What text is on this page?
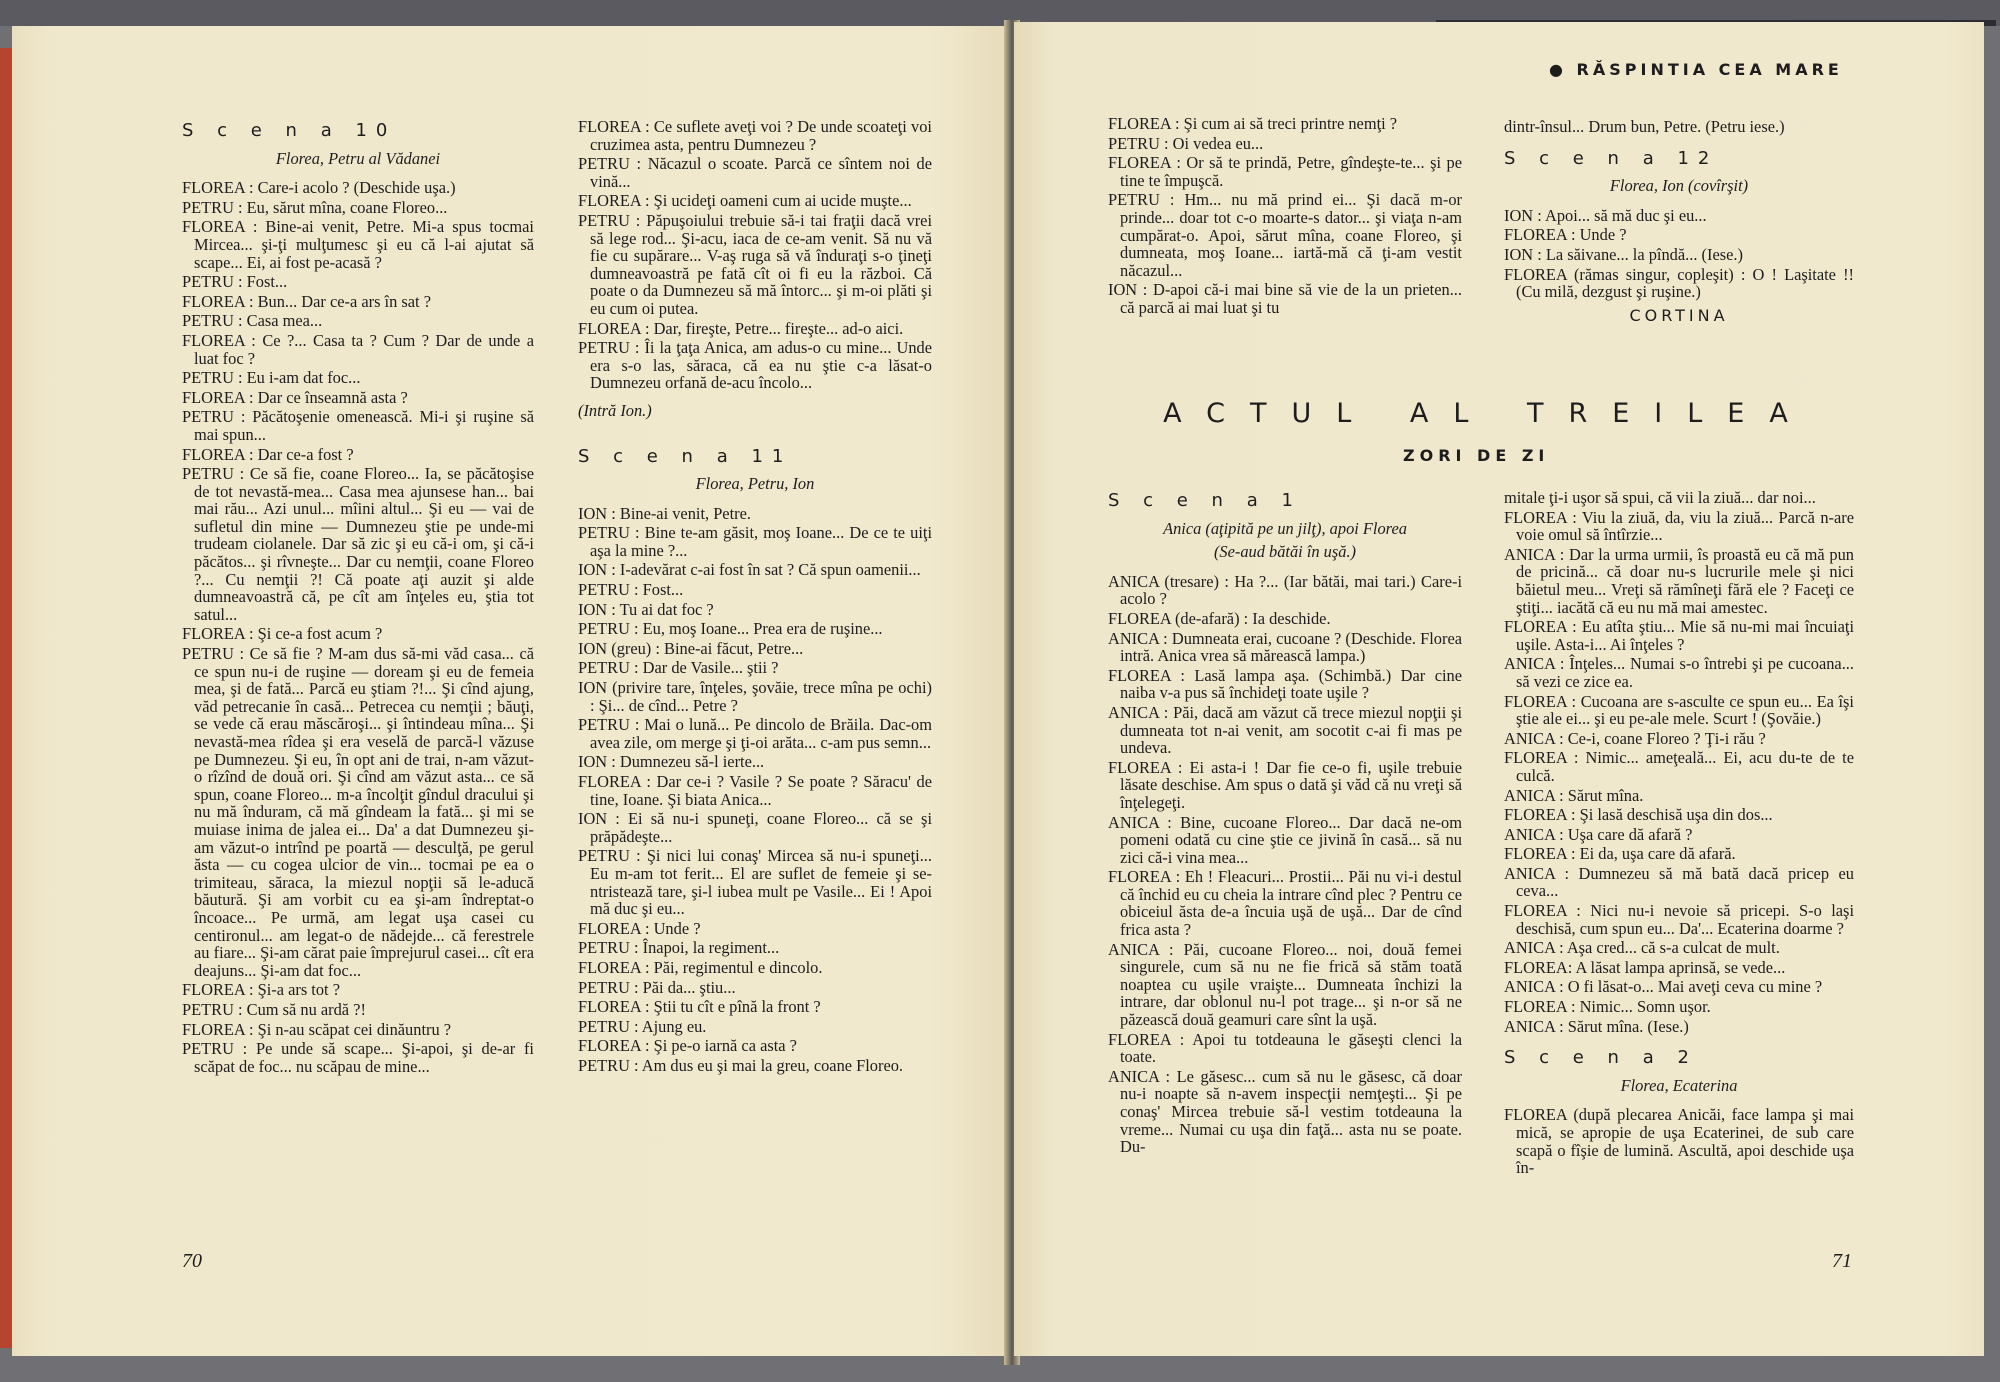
S c e n a 10
Florea, Petru al Vădanei

FLOREA : Care-i acolo ? (Deschide uşa.)

PETRU : Eu, sărut mîna, coane Floreo...

FLOREA : Bine-ai venit, Petre. Mi-a spus tocmai Mircea... şi-ţi mulţumesc şi eu că l-ai ajutat să scape... Ei, ai fost pe-acasă ?

PETRU : Fost...

FLOREA : Bun... Dar ce-a ars în sat ?

PETRU : Casa mea...

FLOREA : Ce ?... Casa ta ? Cum ? Dar de unde a luat foc ?

PETRU : Eu i-am dat foc...

FLOREA : Dar ce înseamnă asta ?

PETRU : Păcătoşenie omenească. Mi-i şi ruşine să mai spun...

FLOREA : Dar ce-a fost ?

PETRU : Ce să fie, coane Floreo... Ia, se păcătoşise de tot nevastă-mea... Casa mea ajunsese han... bai mai rău... Azi unul... mîini altul... Şi eu — vai de sufletul din mine — Dumnezeu ştie pe unde-mi trudeam ciolanele. Dar să zic şi eu că-i om, şi că-i păcătos... şi rîvneşte... Dar cu nemţii, coane Floreo ?... Cu nemţii ?! Că poate aţi auzit şi alde dumneavoastră că, pe cît am înţeles eu, ştia tot satul...

FLOREA : Şi ce-a fost acum ?

PETRU : Ce să fie ? M-am dus să-mi văd casa... că ce spun nu-i de ruşine — doream şi eu de femeia mea, şi de fată... Parcă eu ştiam ?!... Şi cînd ajung, văd petrecanie în casă... Petrecea cu nemţii ; băuţi, se vede că erau măscăroşi... şi întindeau mîna... Şi nevastă-mea rîdea şi era veselă de parcă-l văzuse pe Dumnezeu. Şi eu, în opt ani de trai, n-am văzut-o rîzînd de două ori. Şi cînd am văzut asta... ce să spun, coane Floreo... m-a încolţit gîndul dracului şi nu mă înduram, că mă gîndeam la fată... şi mi se muiase inima de jalea ei... Da' a dat Dumnezeu şi-am văzut-o intrînd pe poartă — desculţă, pe gerul ăsta — cu cogea ulcior de vin... tocmai pe ea o trimiteau, săraca, la miezul nopţii să le-aducă băutură. Şi am vorbit cu ea şi-am îndreptat-o încoace... Pe urmă, am legat uşa casei cu centironul... am legat-o de nădejde... că ferestrele au fiare... Şi-am cărat paie împrejurul casei... cît era deajuns... Şi-am dat foc...

FLOREA : Şi-a ars tot ?

PETRU : Cum să nu ardă ?!

FLOREA : Şi n-au scăpat cei dinăuntru ?

PETRU : Pe unde să scape... Şi-apoi, şi de-ar fi scăpat de foc... nu scăpau de mine...

FLOREA : Ce suflete aveţi voi ? De unde scoateţi voi cruzimea asta, pentru Dumnezeu ?

PETRU : Năcazul o scoate. Parcă ce sîntem noi de vină...

FLOREA : Şi ucideţi oameni cum ai ucide muşte...

PETRU : Păpuşoiului trebuie să-i tai fraţii dacă vrei să lege rod... Şi-acu, iaca de ce-am venit. Să nu vă fie cu supărare... V-aş ruga să vă înduraţi s-o ţineţi dumneavoastră pe fată cît oi fi eu la război. Că poate o da Dumnezeu să mă întorc... şi m-oi plăti şi eu cum oi putea.

FLOREA : Dar, fireşte, Petre... fireşte... ad-o aici.

PETRU : Îi la ţaţa Anica, am adus-o cu mine... Unde era s-o las, săraca, că ea nu ştie c-a lăsat-o Dumnezeu orfană de-acu încolo...

(Intră Ion.)
S c e n a 11
Florea, Petru, Ion

ION : Bine-ai venit, Petre.

PETRU : Bine te-am găsit, moş Ioane... De ce te uiţi aşa la mine ?...

ION : I-adevărat c-ai fost în sat ? Că spun oamenii...

PETRU : Fost...

ION : Tu ai dat foc ?

PETRU : Eu, moş Ioane... Prea era de ruşine...

ION (greu) : Bine-ai făcut, Petre...

PETRU : Dar de Vasile... ştii ?

ION (privire tare, înţeles, şovăie, trece mîna pe ochi) : Şi... de cînd... Petre ?

PETRU : Mai o lună... Pe dincolo de Brăila. Dac-om avea zile, om merge şi ţi-oi arăta... c-am pus semn...

ION : Dumnezeu să-l ierte...

FLOREA : Dar ce-i ? Vasile ? Se poate ? Săracu' de tine, Ioane. Şi biata Anica...

ION : Ei să nu-i spuneţi, coane Floreo... că se şi prăpădeşte...

PETRU : Şi nici lui conaş' Mircea să nu-i spuneţi... Eu m-am tot ferit... El are suflet de femeie şi se-ntristează tare, şi-l iubea mult pe Vasile... Ei ! Apoi mă duc şi eu...

FLOREA : Unde ?

PETRU : Înapoi, la regiment...

FLOREA : Păi, regimentul e dincolo.

PETRU : Păi da... ştiu...

FLOREA : Ştii tu cît e pînă la front ?

PETRU : Ajung eu.

FLOREA : Şi pe-o iarnă ca asta ?

PETRU : Am dus eu şi mai la greu, coane Floreo.

70
● RĂSPINTIA CEA MARE

FLOREA : Şi cum ai să treci printre nemţi ?

PETRU : Oi vedea eu...

FLOREA : Or să te prindă, Petre, gîndeşte-te... şi pe tine te împuşcă.

PETRU : Hm... nu mă prind ei... Şi dacă m-or prinde... doar tot c-o moarte-s dator... şi viaţa n-am cumpărat-o. Apoi, sărut mîna, coane Floreo, şi dumneata, moş Ioane... iartă-mă că ţi-am vestit năcazul...

ION : D-apoi că-i mai bine să vie de la un prieten... că parcă ai mai luat şi tu

dintr-însul... Drum bun, Petre. (Petru iese.)

S c e n a 12
Florea, Ion (covîrşit)

ION : Apoi... să mă duc şi eu...

FLOREA : Unde ?

ION : La săivane... la pîndă... (Iese.)

FLOREA (rămas singur, copleşit) : O ! Laşitate !! (Cu milă, dezgust şi ruşine.)

CORTINA
ACTUL AL TREILEA
ZORI DE ZI
S c e n a 1
Anica (aţipită pe un jilţ), apoi Florea
(Se-aud bătăi în uşă.)

ANICA (tresare) : Ha ?... (Iar bătăi, mai tari.) Care-i acolo ?

FLOREA (de-afară) : Ia deschide.

ANICA : Dumneata erai, cucoane ? (Deschide. Florea intră. Anica vrea să mărească lampa.)

FLOREA : Lasă lampa aşa. (Schimbă.) Dar cine naiba v-a pus să închideţi toate uşile ?

ANICA : Păi, dacă am văzut că trece miezul nopţii şi dumneata tot n-ai venit, am socotit c-ai fi mas pe undeva.

FLOREA : Ei asta-i ! Dar fie ce-o fi, uşile trebuie lăsate deschise. Am spus o dată şi văd că nu vreţi să înţelegeţi.

ANICA : Bine, cucoane Floreo... Dar dacă ne-om pomeni odată cu cine ştie ce jivină în casă... să nu zici că-i vina mea...

FLOREA : Eh ! Fleacuri... Prostii... Păi nu vi-i destul că închid eu cu cheia la intrare cînd plec ? Pentru ce obiceiul ăsta de-a încuia uşă de uşă... Dar de cînd frica asta ?

ANICA : Păi, cucoane Floreo... noi, două femei singurele, cum să nu ne fie frică să stăm toată noaptea cu uşile vraişte... Dumneata închizi la intrare, dar oblonul nu-l pot trage... şi n-or să ne păzească două geamuri care sînt la uşă.

FLOREA : Apoi tu totdeauna le găseşti clenci la toate.

ANICA : Le găsesc... cum să nu le găsesc, că doar nu-i noapte să n-avem inspecţii nemţeşti... Şi pe conaş' Mircea trebuie să-l vestim totdeauna la vreme... Numai cu uşa din faţă... asta nu se poate. Du-

mitale ţi-i uşor să spui, că vii la ziuă... dar noi...

FLOREA : Viu la ziuă, da, viu la ziuă... Parcă n-are voie omul să întîrzie...

ANICA : Dar la urma urmii, îs proastă eu că mă pun de pricină... că doar nu-s lucrurile mele şi nici băietul meu... Vreţi să rămîneţi fără ele ? Faceţi ce ştiţi... iacătă că eu nu mă mai amestec.

FLOREA : Eu atîta ştiu... Mie să nu-mi mai încuiaţi uşile. Asta-i... Ai înţeles ?

ANICA : Înţeles... Numai s-o întrebi şi pe cucoana... să vezi ce zice ea.

FLOREA : Cucoana are s-asculte ce spun eu... Ea îşi ştie ale ei... şi eu pe-ale mele. Scurt ! (Şovăie.)

ANICA : Ce-i, coane Floreo ? Ţi-i rău ?

FLOREA : Nimic... ameţeală... Ei, acu du-te de te culcă.

ANICA : Sărut mîna.

FLOREA : Şi lasă deschisă uşa din dos...

ANICA : Uşa care dă afară ?

FLOREA : Ei da, uşa care dă afară.

ANICA : Dumnezeu să mă bată dacă pricep eu ceva...

FLOREA : Nici nu-i nevoie să pricepi. S-o laşi deschisă, cum spun eu... Da'... Ecaterina doarme ?

ANICA : Aşa cred... că s-a culcat de mult.

FLOREA: A lăsat lampa aprinsă, se vede...

ANICA : O fi lăsat-o... Mai aveţi ceva cu mine ?

FLOREA : Nimic... Somn uşor.

ANICA : Sărut mîna. (Iese.)

S c e n a 2
Florea, Ecaterina

FLOREA (după plecarea Anicăi, face lampa şi mai mică, se apropie de uşa Ecaterinei, de sub care scapă o fîşie de lumină. Ascultă, apoi deschide uşa în-

71
